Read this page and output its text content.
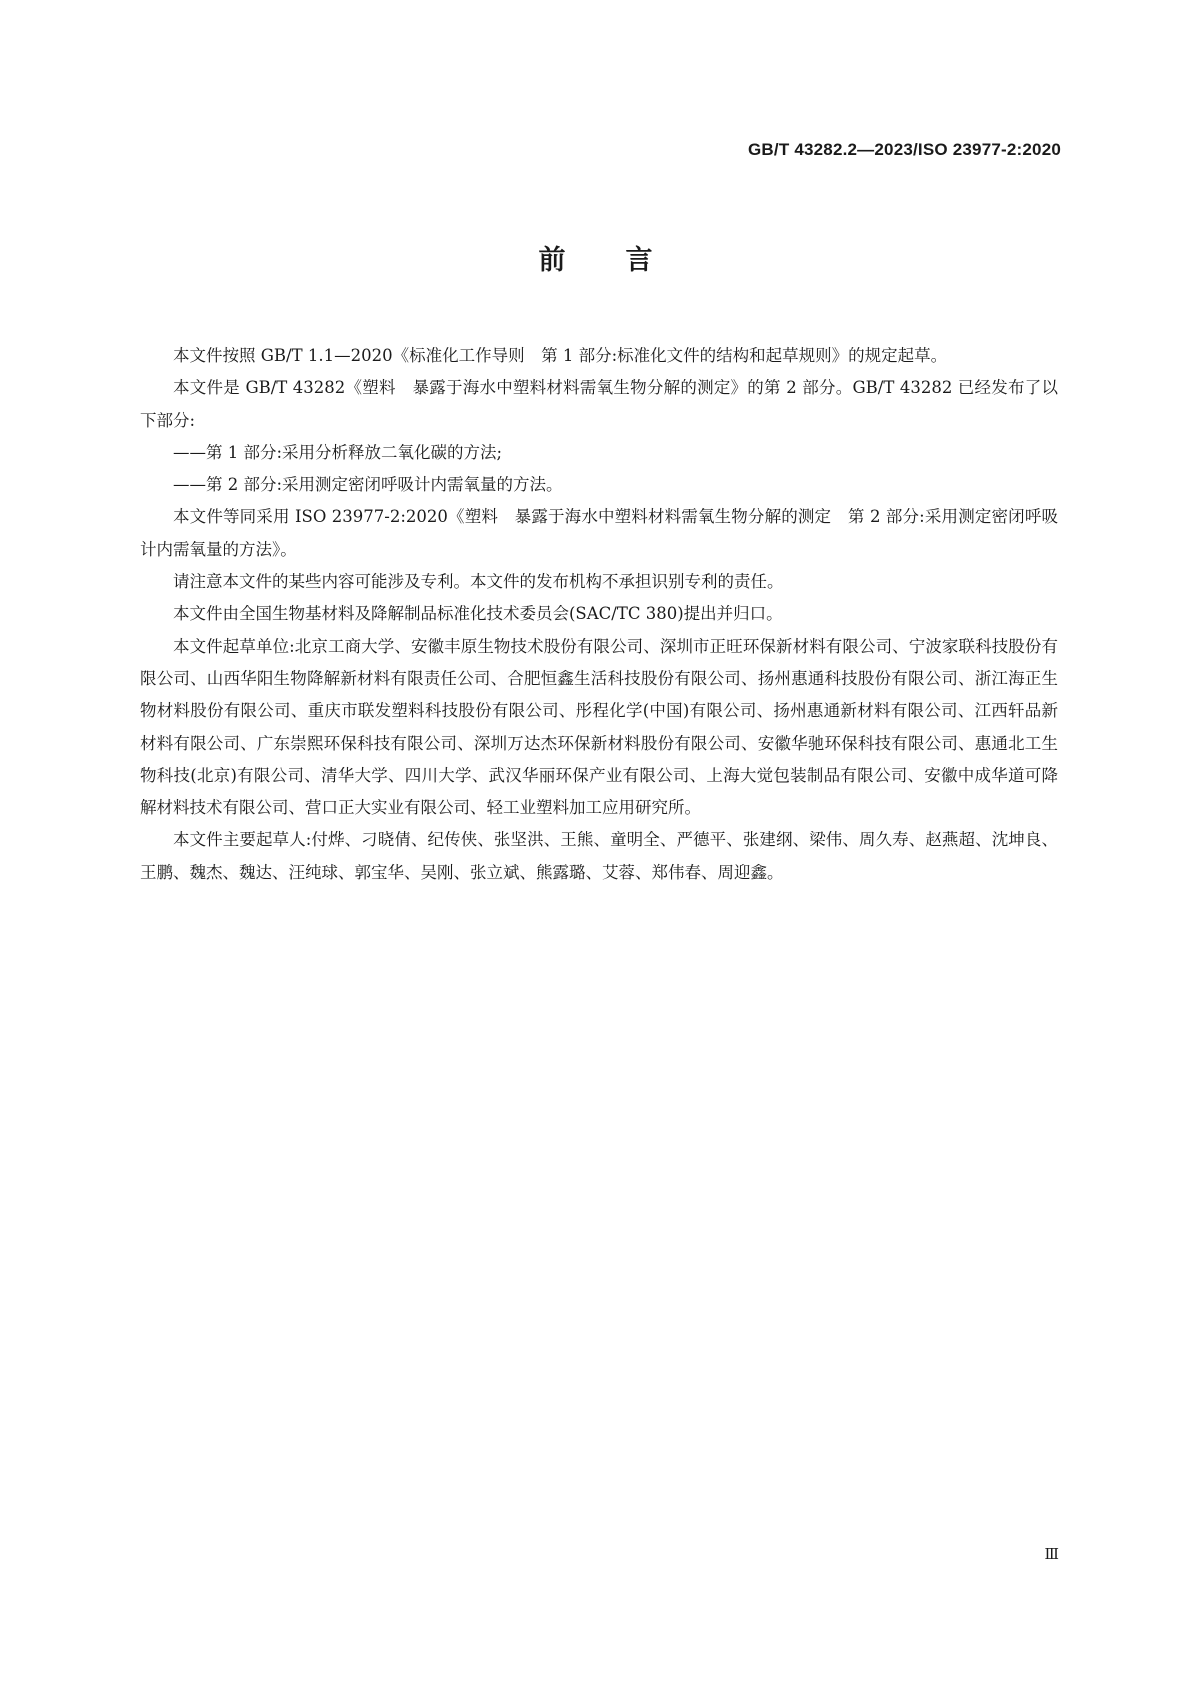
GB/T 43282.2—2023/ISO 23977-2:2020
前言

本文件按照 GB/T 1.1—2020《标准化工作导则　第 1 部分:标准化文件的结构和起草规则》的规定起草。

本文件是 GB/T 43282《塑料　暴露于海水中塑料材料需氧生物分解的测定》的第 2 部分。GB/T 43282 已经发布了以下部分:

——第 1 部分:采用分析释放二氧化碳的方法;

——第 2 部分:采用测定密闭呼吸计内需氧量的方法。

本文件等同采用 ISO 23977-2:2020《塑料　暴露于海水中塑料材料需氧生物分解的测定　第 2 部分:采用测定密闭呼吸计内需氧量的方法》。

请注意本文件的某些内容可能涉及专利。本文件的发布机构不承担识别专利的责任。

本文件由全国生物基材料及降解制品标准化技术委员会(SAC/TC 380)提出并归口。

本文件起草单位:北京工商大学、安徽丰原生物技术股份有限公司、深圳市正旺环保新材料有限公司、宁波家联科技股份有限公司、山西华阳生物降解新材料有限责任公司、合肥恒鑫生活科技股份有限公司、扬州惠通科技股份有限公司、浙江海正生物材料股份有限公司、重庆市联发塑料科技股份有限公司、彤程化学(中国)有限公司、扬州惠通新材料有限公司、江西轩品新材料有限公司、广东崇熙环保科技有限公司、深圳万达杰环保新材料股份有限公司、安徽华驰环保科技有限公司、惠通北工生物科技(北京)有限公司、清华大学、四川大学、武汉华丽环保产业有限公司、上海大觉包装制品有限公司、安徽中成华道可降解材料技术有限公司、营口正大实业有限公司、轻工业塑料加工应用研究所。

本文件主要起草人:付烨、刁晓倩、纪传侠、张坚洪、王熊、童明全、严德平、张建纲、梁伟、周久寿、赵燕超、沈坤良、王鹏、魏杰、魏达、汪纯球、郭宝华、吴刚、张立斌、熊露璐、艾蓉、郑伟春、周迎鑫。

Ⅲ
